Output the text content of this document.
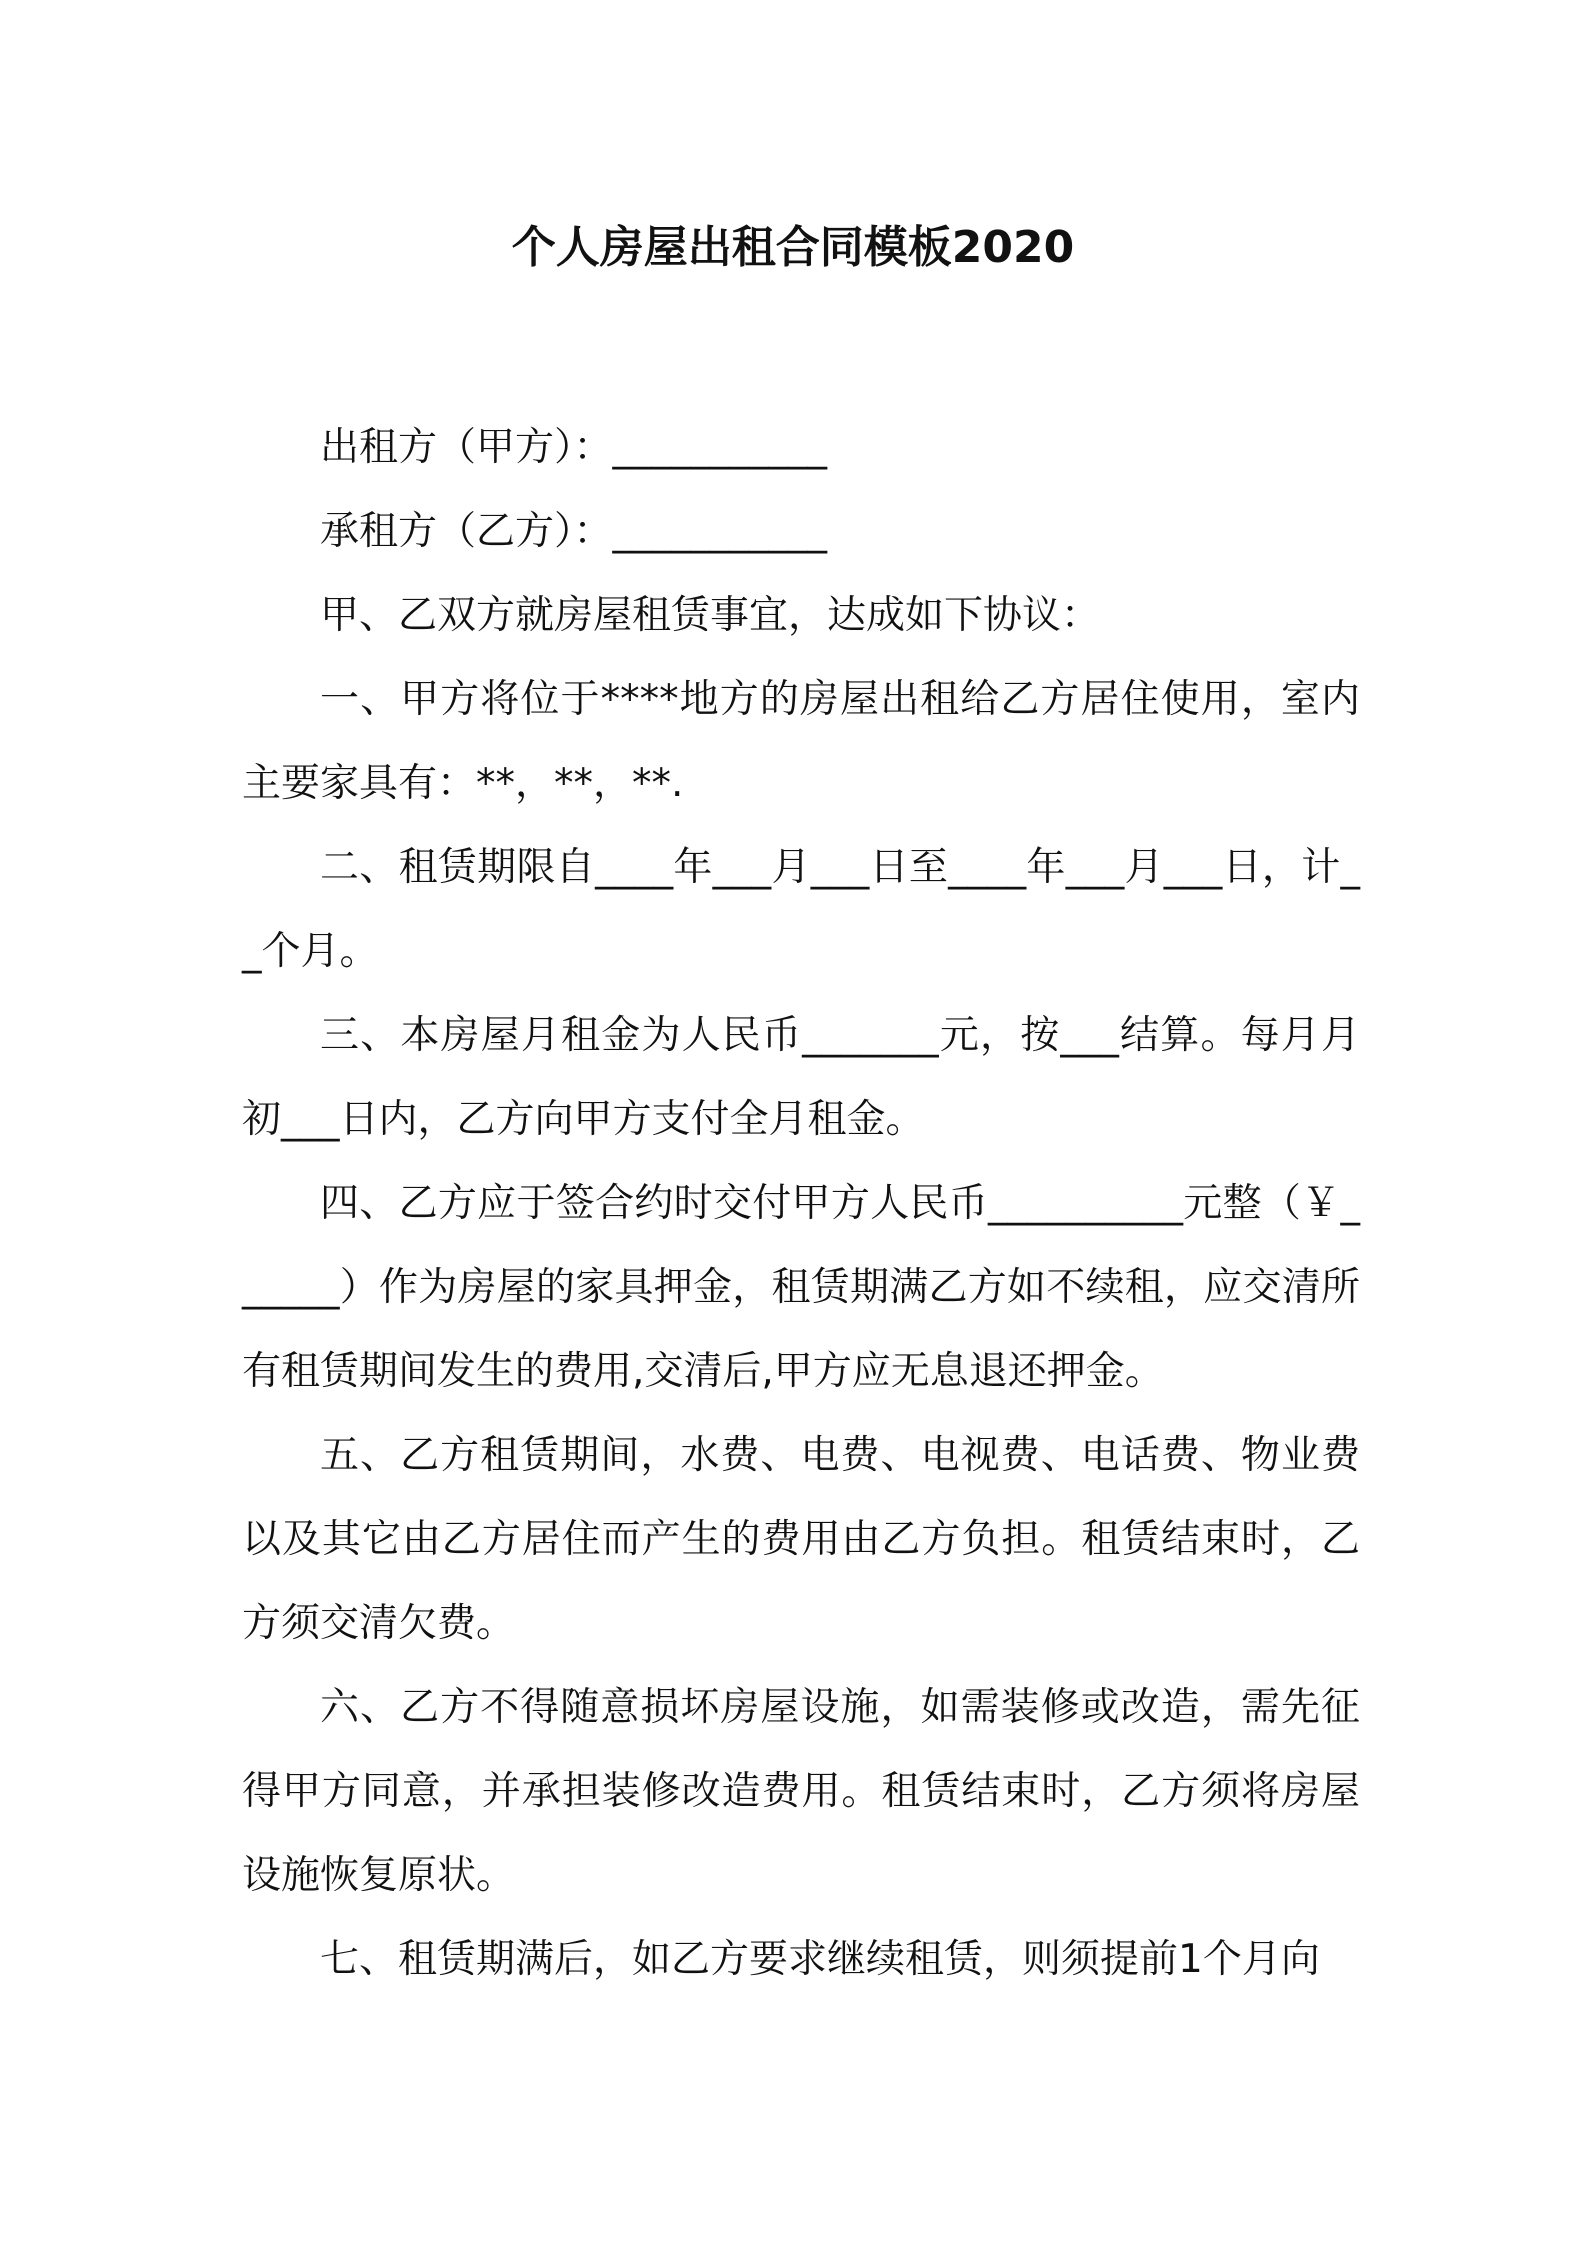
个人房屋出租合同模板2020

出租方（甲方）：___________

承租方（乙方）：___________

甲、乙双方就房屋租赁事宜，达成如下协议：

一、甲方将位于****地方的房屋出租给乙方居住使用，室内主要家具有：**，**，**.

二、租赁期限自____年___月___日至____年___月___日，计__个月。

三、本房屋月租金为人民币_______元，按___结算。每月月初___日内，乙方向甲方支付全月租金。

四、乙方应于签合约时交付甲方人民币__________元整（￥______）作为房屋的家具押金，租赁期满乙方如不续租，应交清所有租赁期间发生的费用,交清后,甲方应无息退还押金。

五、乙方租赁期间，水费、电费、电视费、电话费、物业费以及其它由乙方居住而产生的费用由乙方负担。租赁结束时，乙方须交清欠费。

六、乙方不得随意损坏房屋设施，如需装修或改造，需先征得甲方同意，并承担装修改造费用。租赁结束时，乙方须将房屋设施恢复原状。

七、租赁期满后，如乙方要求继续租赁，则须提前1个月向
